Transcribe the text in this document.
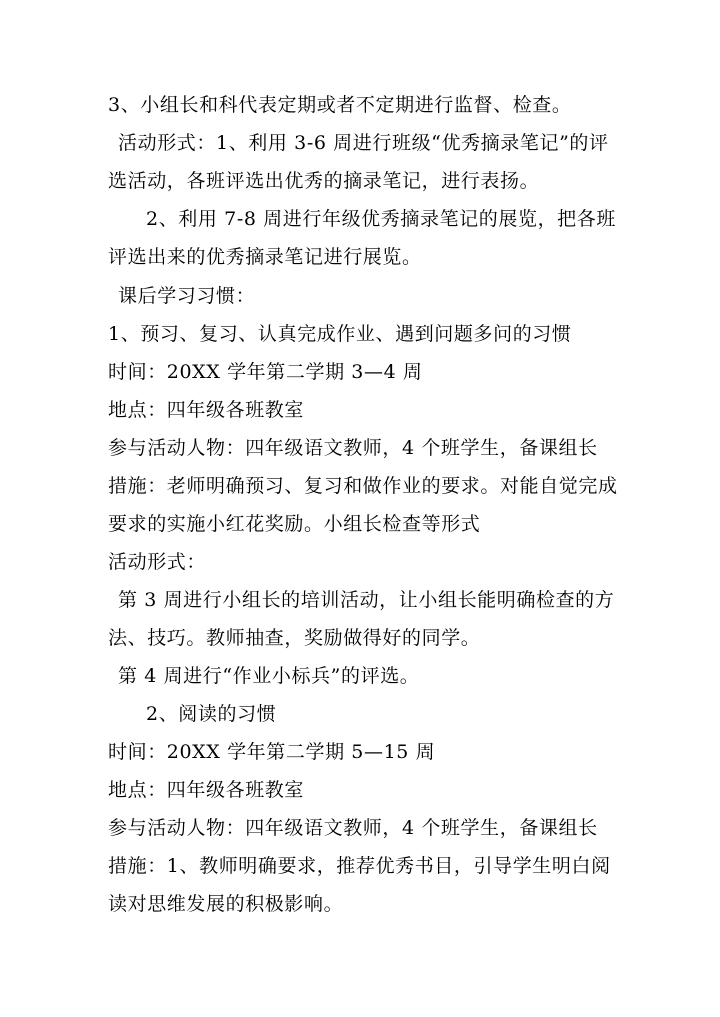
3、小组长和科代表定期或者不定期进行监督、检查。
活动形式：1、利用 3-6 周进行班级“优秀摘录笔记”的评
选活动，各班评选出优秀的摘录笔记，进行表扬。
2、利用 7-8 周进行年级优秀摘录笔记的展览，把各班
评选出来的优秀摘录笔记进行展览。
课后学习习惯：
1、预习、复习、认真完成作业、遇到问题多问的习惯
时间：20XX 学年第二学期 3—4 周
地点：四年级各班教室
参与活动人物：四年级语文教师，4 个班学生，备课组长
措施：老师明确预习、复习和做作业的要求。对能自觉完成
要求的实施小红花奖励。小组长检查等形式
活动形式：
第 3 周进行小组长的培训活动，让小组长能明确检查的方
法、技巧。教师抽查，奖励做得好的同学。
第 4 周进行“作业小标兵”的评选。
2、阅读的习惯
时间：20XX 学年第二学期 5—15 周
地点：四年级各班教室
参与活动人物：四年级语文教师，4 个班学生，备课组长
措施：1、教师明确要求，推荐优秀书目，引导学生明白阅
读对思维发展的积极影响。
